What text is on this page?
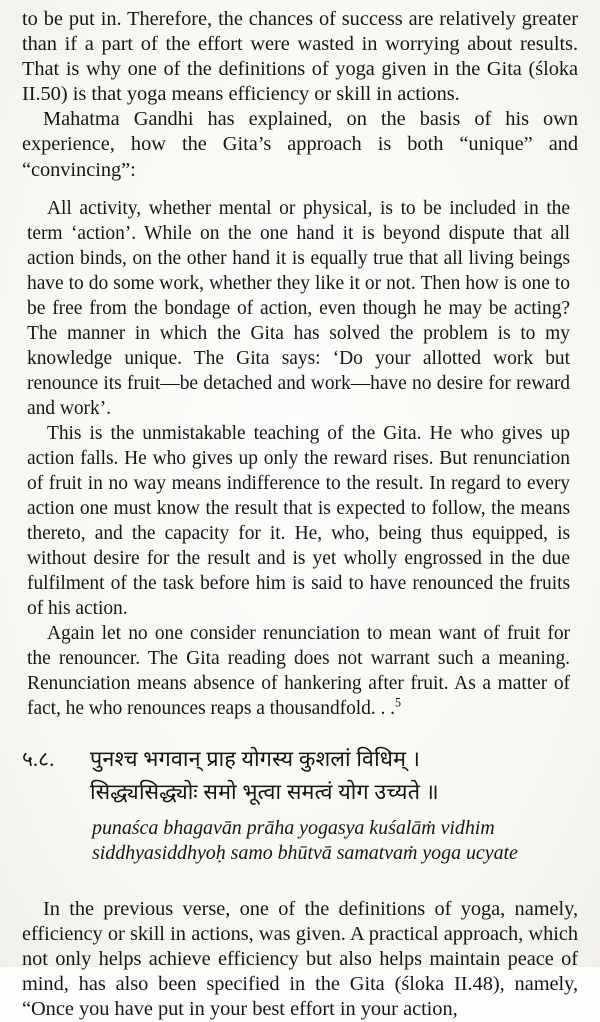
to be put in. Therefore, the chances of success are relatively greater than if a part of the effort were wasted in worrying about results. That is why one of the definitions of yoga given in the Gita (śloka II.50) is that yoga means efficiency or skill in actions.

Mahatma Gandhi has explained, on the basis of his own experience, how the Gita’s approach is both “unique” and “convincing”:

All activity, whether mental or physical, is to be included in the term ‘action’. While on the one hand it is beyond dispute that all action binds, on the other hand it is equally true that all living beings have to do some work, whether they like it or not. Then how is one to be free from the bondage of action, even though he may be acting? The manner in which the Gita has solved the problem is to my knowledge unique. The Gita says: ‘Do your allotted work but renounce its fruit—be detached and work—have no desire for reward and work’.
This is the unmistakable teaching of the Gita. He who gives up action falls. He who gives up only the reward rises. But renunciation of fruit in no way means indifference to the result. In regard to every action one must know the result that is expected to follow, the means thereto, and the capacity for it. He, who, being thus equipped, is without desire for the result and is yet wholly engrossed in the due fulfilment of the task before him is said to have renounced the fruits of his action.
Again let no one consider renunciation to mean want of fruit for the renouncer. The Gita reading does not warrant such a meaning. Renunciation means absence of hankering after fruit. As a matter of fact, he who renounces reaps a thousandfold. . .$^5$
५.८.	पुनश्च भगवान् प्राह योगस्य कुशलां विधिम् ।
सिद्ध्यसिद्ध्योः समो भूत्वा समत्वं योग उच्यते ॥
punaśca bhagavān prāha yogasya kuśalāṁ vidhim
siddhyasiddhyoḥ samo bhūtvā samatvaṁ yoga ucyate

In the previous verse, one of the definitions of yoga, namely, efficiency or skill in actions, was given. A practical approach, which not only helps achieve efficiency but also helps maintain peace of mind, has also been specified in the Gita (śloka II.48), namely, “Once you have put in your best effort in your action,
